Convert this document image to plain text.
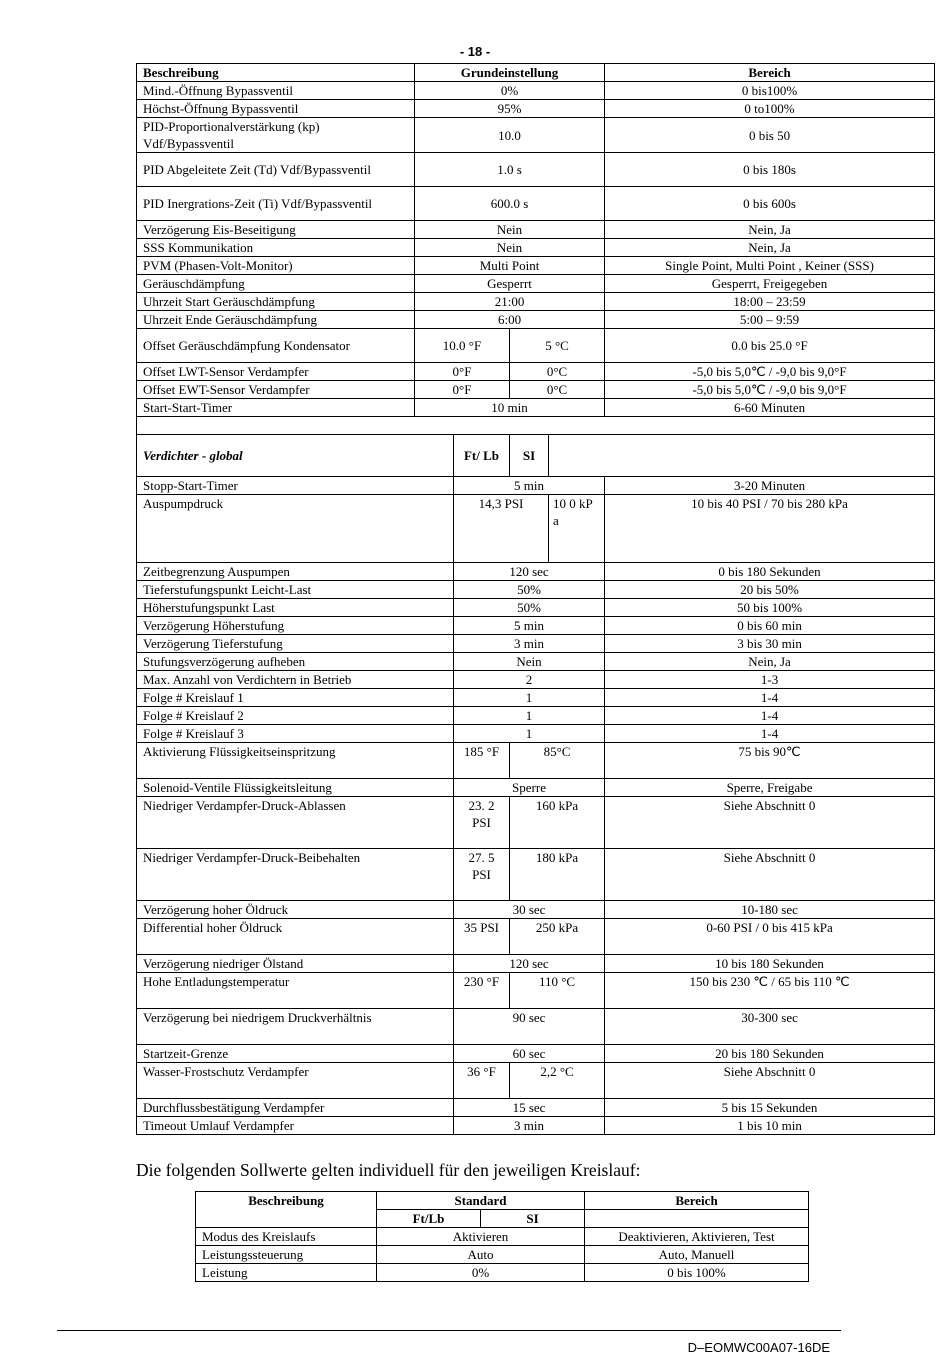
- 18 -
Beschreibung	Grundeinstellung				Bereich
Mind.-Öffnung Bypassventil	0%				0 bis100%
Höchst-Öffnung Bypassventil	95%				0 to100%
PID-Proportionalverstärkung (kp) Vdf/Bypassventil	10.0				0 bis 50
PID Abgeleitete Zeit (Td) Vdf/Bypassventil	1.0 s				0 bis 180s
PID Inergrations-Zeit (Ti) Vdf/Bypassventil	600.0 s				0 bis 600s
Verzögerung Eis-Beseitigung	Nein				Nein, Ja
SSS Kommunikation	Nein				Nein, Ja
PVM (Phasen-Volt-Monitor)	Multi Point				Single Point, Multi Point , Keiner (SSS)
Geräuschdämpfung	Gesperrt				Gesperrt, Freigegeben
Uhrzeit Start Geräuschdämpfung	21:00				18:00 – 23:59
Uhrzeit Ende Geräuschdämpfung	6:00				5:00 – 9:59
Offset Geräuschdämpfung Kondensator	10.0 °F		5 °C		0.0 bis 25.0 °F
Offset LWT-Sensor Verdampfer	0°F		0°C		-5,0 bis 5,0℃ / -9,0 bis 9,0°F
Offset EWT-Sensor Verdampfer	0°F		0°C		-5,0 bis 5,0℃ / -9,0 bis 9,0°F
Start-Start-Timer	10 min				6-60 Minuten

Verdichter - global		Ft/ Lb	SI		
Stopp-Start-Timer		5 min			3-20 Minuten
Auspumpdruck		14,3 PSI		10 0 kP a	10 bis 40 PSI / 70 bis 280 kPa
Zeitbegrenzung Auspumpen		120 sec			0 bis 180 Sekunden
Tieferstufungspunkt Leicht-Last		50%			20 bis 50%
Höherstufungspunkt Last		50%			50 bis 100%
Verzögerung Höherstufung		5 min			0 bis 60 min
Verzögerung Tieferstufung		3 min			3 bis 30 min
Stufungsverzögerung aufheben		Nein			Nein, Ja
Max. Anzahl von Verdichtern in Betrieb		2			1-3
Folge # Kreislauf 1		1			1-4
Folge # Kreislauf 2		1			1-4
Folge # Kreislauf 3		1			1-4
Aktivierung Flüssigkeitseinspritzung		185 °F	85°C		75 bis 90℃
Solenoid-Ventile Flüssigkeitsleitung		Sperre			Sperre, Freigabe
Niedriger Verdampfer-Druck-Ablassen		23. 2 PSI	160 kPa		Siehe Abschnitt 0
Niedriger Verdampfer-Druck-Beibehalten		27. 5 PSI	180 kPa		Siehe Abschnitt 0
Verzögerung hoher Öldruck		30 sec			10-180 sec
Differential hoher Öldruck		35 PSI	250 kPa		0-60 PSI / 0 bis 415 kPa
Verzögerung niedriger Ölstand		120 sec			10 bis 180 Sekunden
Hohe Entladungstemperatur		230 °F	110 °C		150 bis 230 ℃ / 65 bis 110 ℃
Verzögerung bei niedrigem Druckverhältnis		90 sec			30-300 sec
Startzeit-Grenze		60 sec			20 bis 180 Sekunden
Wasser-Frostschutz Verdampfer		36 °F	2,2 °C		Siehe Abschnitt 0
Durchflussbestätigung Verdampfer		15 sec			5 bis 15 Sekunden
Timeout Umlauf Verdampfer		3 min			1 bis 10 min
Die folgenden Sollwerte gelten individuell für den jeweiligen Kreislauf:
Beschreibung	Standard		Bereich
	Ft/Lb	SI	
Modus des Kreislaufs	Aktivieren		Deaktivieren, Aktivieren, Test
Leistungssteuerung	Auto		Auto, Manuell
Leistung	0%		0 bis 100%
D–EOMWC00A07-16DE
